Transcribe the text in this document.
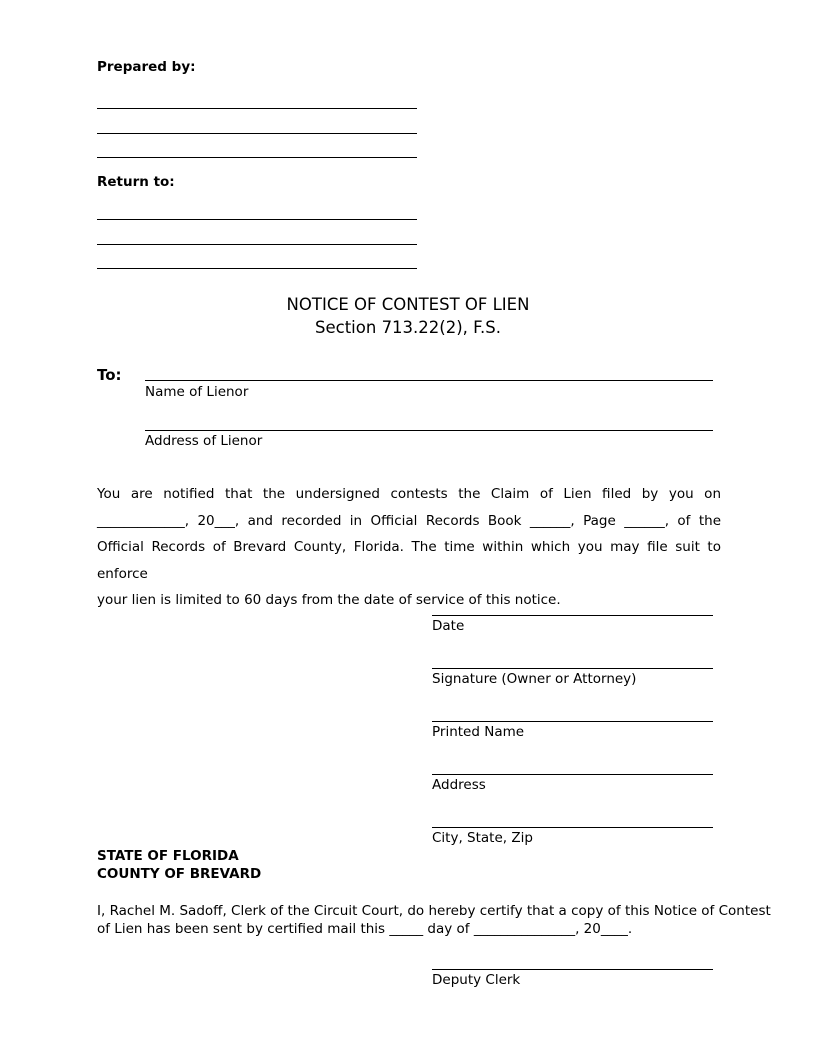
Prepared by:
Return to:
NOTICE OF CONTEST OF LIEN
Section 713.22(2), F.S.
To:
Name of Lienor
Address of Lienor
You are notified that the undersigned contests the Claim of Lien filed by you on
_____________, 20___, and recorded in Official Records Book ______, Page ______, of the
Official Records of Brevard County, Florida. The time within which you may file suit to enforce
your lien is limited to 60 days from the date of service of this notice.
Date
Signature (Owner or Attorney)
Printed Name
Address
City, State, Zip
STATE OF FLORIDA
COUNTY OF BREVARD
I, Rachel M. Sadoff, Clerk of the Circuit Court, do hereby certify that a copy of this Notice of Contest
of Lien has been sent by certified mail this _____ day of _______________, 20____.
Deputy Clerk
